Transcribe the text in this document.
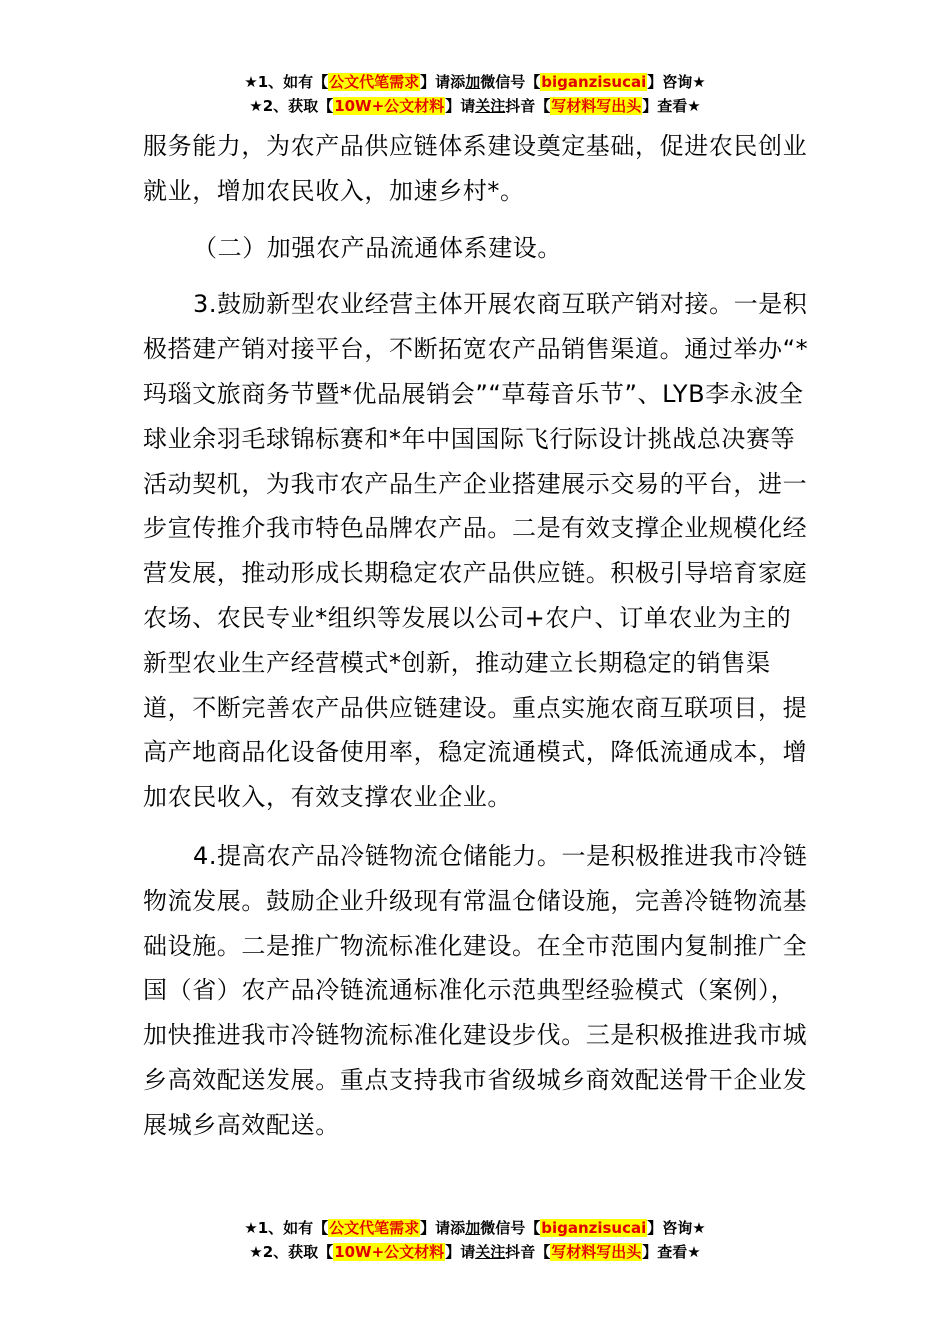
★1、如有【公文代笔需求】请添加微信号【biganzisucai】咨询★
★2、获取【10W+公文材料】请关注抖音【写材料写出头】查看★

服务能力，为农产品供应链体系建设奠定基础，促进农民创业就业，增加农民收入，加速乡村*。

（二）加强农产品流通体系建设。

3.鼓励新型农业经营主体开展农商互联产销对接。一是积极搭建产销对接平台，不断拓宽农产品销售渠道。通过举办“*玛瑙文旅商务节暨*优品展销会”“草莓音乐节”、LYB李永波全球业余羽毛球锦标赛和*年中国国际飞行际设计挑战总决赛等活动契机，为我市农产品生产企业搭建展示交易的平台，进一步宣传推介我市特色品牌农产品。二是有效支撑企业规模化经营发展，推动形成长期稳定农产品供应链。积极引导培育家庭农场、农民专业*组织等发展以公司+农户、订单农业为主的新型农业生产经营模式*创新，推动建立长期稳定的销售渠道，不断完善农产品供应链建设。重点实施农商互联项目，提高产地商品化设备使用率，稳定流通模式，降低流通成本，增加农民收入，有效支撑农业企业。

4.提高农产品冷链物流仓储能力。一是积极推进我市冷链物流发展。鼓励企业升级现有常温仓储设施，完善冷链物流基础设施。二是推广物流标准化建设。在全市范围内复制推广全国（省）农产品冷链流通标准化示范典型经验模式（案例），加快推进我市冷链物流标准化建设步伐。三是积极推进我市城乡高效配送发展。重点支持我市省级城乡商效配送骨干企业发展城乡高效配送。

★1、如有【公文代笔需求】请添加微信号【biganzisucai】咨询★
★2、获取【10W+公文材料】请关注抖音【写材料写出头】查看★
